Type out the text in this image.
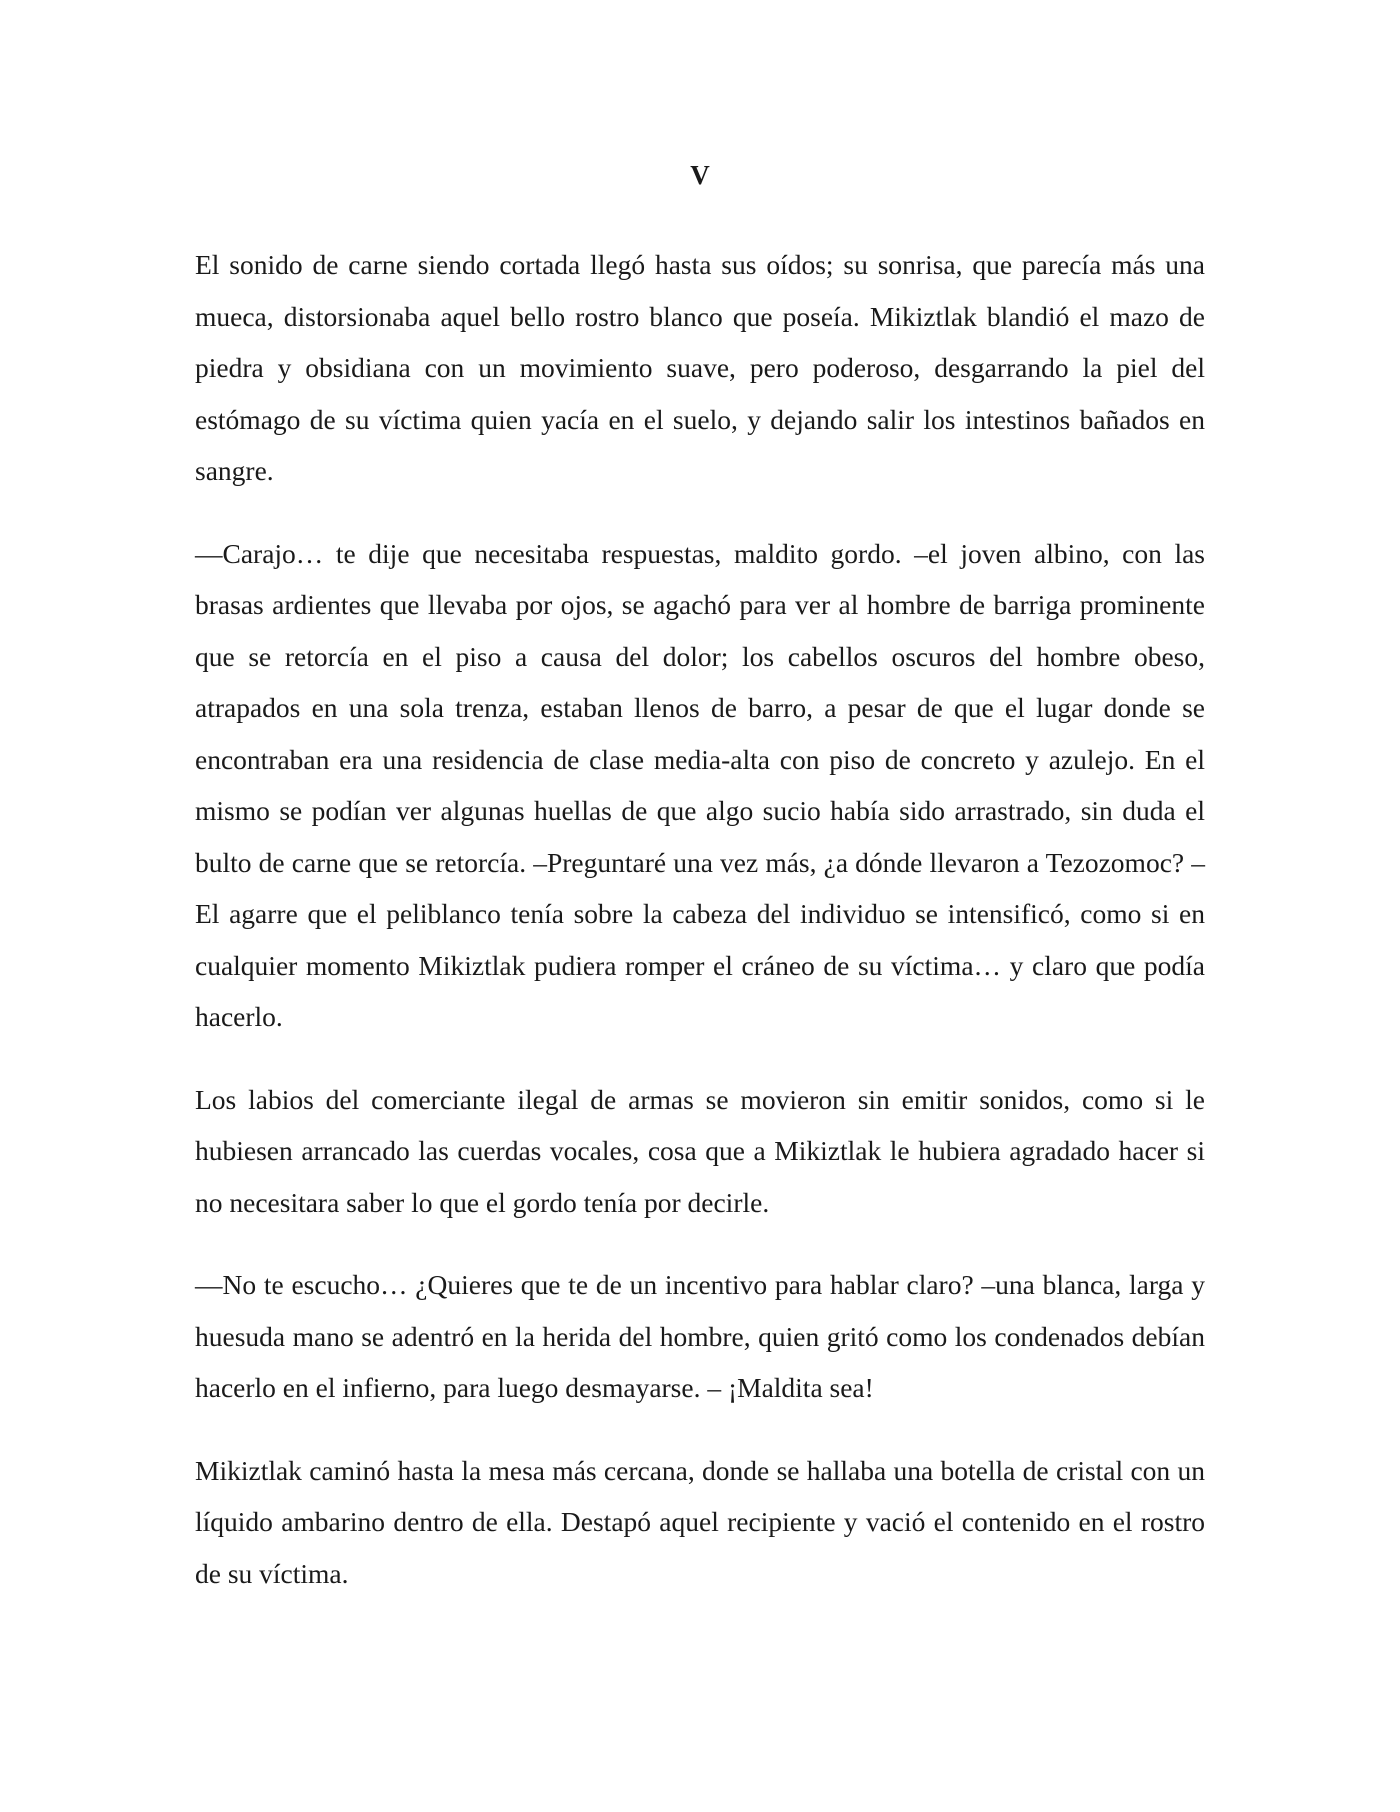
V

El sonido de carne siendo cortada llegó hasta sus oídos; su sonrisa, que parecía más una mueca, distorsionaba aquel bello rostro blanco que poseía. Mikiztlak blandió el mazo de piedra y obsidiana con un movimiento suave, pero poderoso, desgarrando la piel del estómago de su víctima quien yacía en el suelo, y dejando salir los intestinos bañados en sangre.

—Carajo… te dije que necesitaba respuestas, maldito gordo. –el joven albino, con las brasas ardientes que llevaba por ojos, se agachó para ver al hombre de barriga prominente que se retorcía en el piso a causa del dolor; los cabellos oscuros del hombre obeso, atrapados en una sola trenza, estaban llenos de barro, a pesar de que el lugar donde se encontraban era una residencia de clase media-alta con piso de concreto y azulejo. En el mismo se podían ver algunas huellas de que algo sucio había sido arrastrado, sin duda el bulto de carne que se retorcía. –Preguntaré una vez más, ¿a dónde llevaron a Tezozomoc? –El agarre que el peliblanco tenía sobre la cabeza del individuo se intensificó, como si en cualquier momento Mikiztlak pudiera romper el cráneo de su víctima… y claro que podía hacerlo.

Los labios del comerciante ilegal de armas se movieron sin emitir sonidos, como si le hubiesen arrancado las cuerdas vocales, cosa que a Mikiztlak le hubiera agradado hacer si no necesitara saber lo que el gordo tenía por decirle.

—No te escucho… ¿Quieres que te de un incentivo para hablar claro? –una blanca, larga y huesuda mano se adentró en la herida del hombre, quien gritó como los condenados debían hacerlo en el infierno, para luego desmayarse. – ¡Maldita sea!

Mikiztlak caminó hasta la mesa más cercana, donde se hallaba una botella de cristal con un líquido ambarino dentro de ella. Destapó aquel recipiente y vació el contenido en el rostro de su víctima.
